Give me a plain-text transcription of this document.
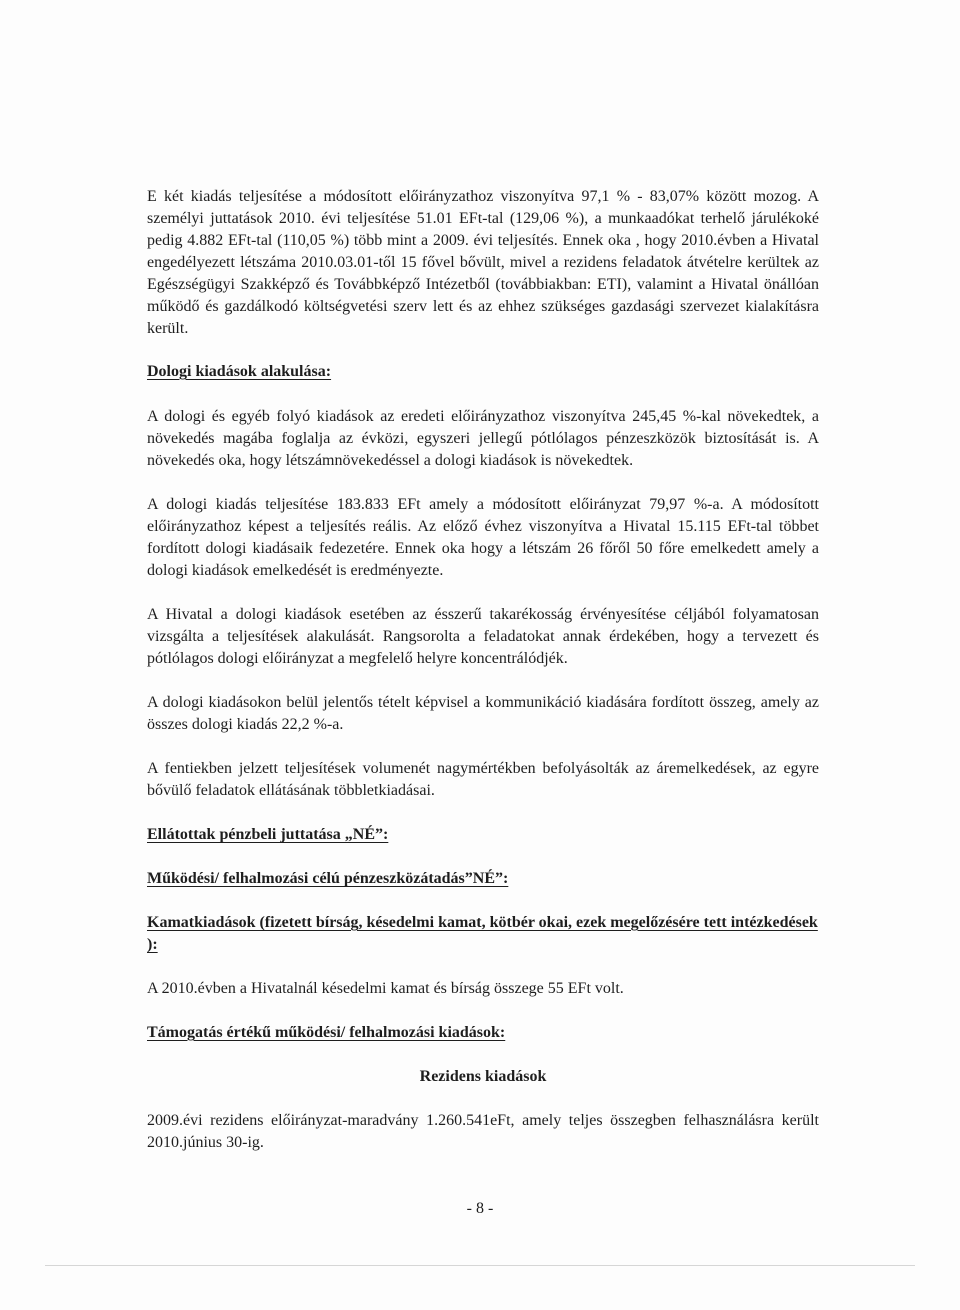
E két kiadás teljesítése a módosított előirányzathoz viszonyítva 97,1 % - 83,07% között mozog. A személyi juttatások 2010. évi teljesítése 51.01 EFt-tal (129,06 %), a munkaadókat terhelő járulékoké pedig 4.882 EFt-tal (110,05 %) több mint a 2009. évi teljesítés. Ennek oka , hogy 2010.évben a Hivatal engedélyezett létszáma 2010.03.01-től 15 fővel bővült, mivel a rezidens feladatok átvételre kerültek az Egészségügyi Szakképző és Továbbképző Intézetből (továbbiakban: ETI), valamint a Hivatal önállóan működő és gazdálkodó költségvetési szerv lett és az ehhez szükséges gazdasági szervezet kialakításra került.

Dologi kiadások alakulása:

A dologi és egyéb folyó kiadások az eredeti előirányzathoz viszonyítva 245,45 %-kal növekedtek, a növekedés magába foglalja az évközi, egyszeri jellegű pótlólagos pénzeszközök biztosítását is. A növekedés oka, hogy létszámnövekedéssel a dologi kiadások is növekedtek.

A dologi kiadás teljesítése 183.833 EFt amely a módosított előirányzat 79,97 %-a. A módosított előirányzathoz képest a teljesítés reális. Az előző évhez viszonyítva a Hivatal 15.115 EFt-tal többet fordított dologi kiadásaik fedezetére. Ennek oka hogy a létszám 26 főről 50 főre emelkedett amely a dologi kiadások emelkedését is eredményezte.

A Hivatal a dologi kiadások esetében az ésszerű takarékosság érvényesítése céljából folyamatosan vizsgálta a teljesítések alakulását. Rangsorolta a feladatokat annak érdekében, hogy a tervezett és pótlólagos dologi előirányzat a megfelelő helyre koncentrálódjék.

A dologi kiadásokon belül jelentős tételt képvisel a kommunikáció kiadására fordított összeg, amely az összes dologi kiadás 22,2 %-a.

A fentiekben jelzett teljesítések volumenét nagymértékben befolyásolták az áremelkedések, az egyre bővülő feladatok ellátásának többletkiadásai.

Ellátottak pénzbeli juttatása „NÉ”:
Működési/ felhalmozási célú pénzeszközátadás”NÉ”:
Kamatkiadások (fizetett bírság, késedelmi kamat, kötbér okai, ezek megelőzésére tett intézkedések ):

A 2010.évben a Hivatalnál késedelmi kamat és bírság összege 55 EFt volt.

Támogatás értékű működési/ felhalmozási kiadások:
Rezidens kiadások

2009.évi rezidens előirányzat-maradvány 1.260.541eFt, amely teljes összegben felhasználásra került 2010.június 30-ig.

- 8 -
